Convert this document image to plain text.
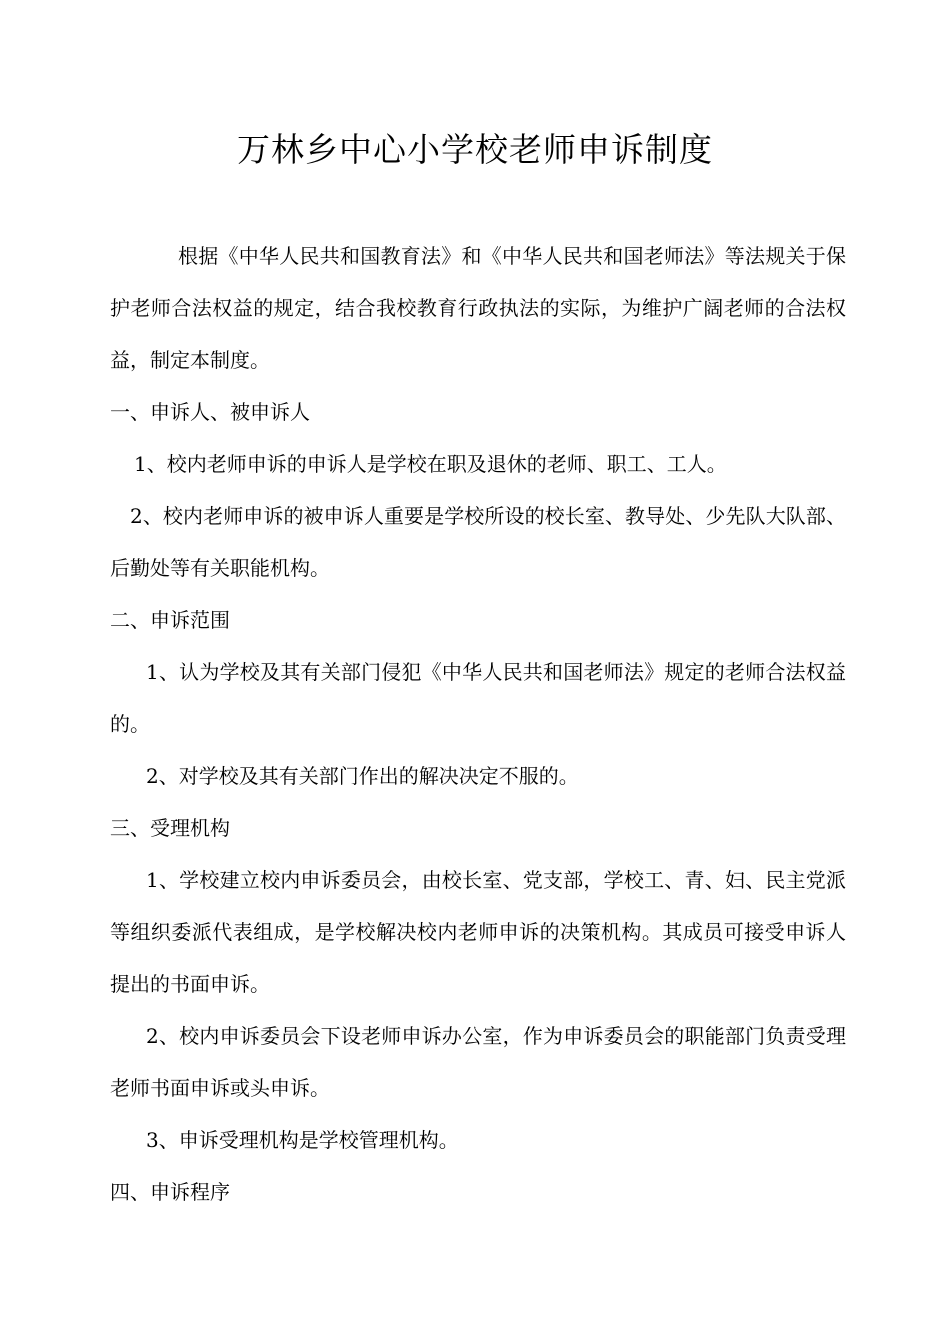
万林乡中心小学校老师申诉制度

根据《中华人民共和国教育法》和《中华人民共和国老师法》等法规关于保护老师合法权益的规定，结合我校教育行政执法的实际，为维护广阔老师的合法权益，制定本制度。

一、申诉人、被申诉人

1、校内老师申诉的申诉人是学校在职及退休的老师、职工、工人。

2、校内老师申诉的被申诉人重要是学校所设的校长室、教导处、少先队大队部、后勤处等有关职能机构。

二、申诉范围

1、认为学校及其有关部门侵犯《中华人民共和国老师法》规定的老师合法权益的。

2、对学校及其有关部门作出的解决决定不服的。

三、受理机构

1、学校建立校内申诉委员会，由校长室、党支部，学校工、青、妇、民主党派等组织委派代表组成，是学校解决校内老师申诉的决策机构。其成员可接受申诉人提出的书面申诉。

2、校内申诉委员会下设老师申诉办公室，作为申诉委员会的职能部门负责受理老师书面申诉或头申诉。

3、申诉受理机构是学校管理机构。

四、申诉程序
